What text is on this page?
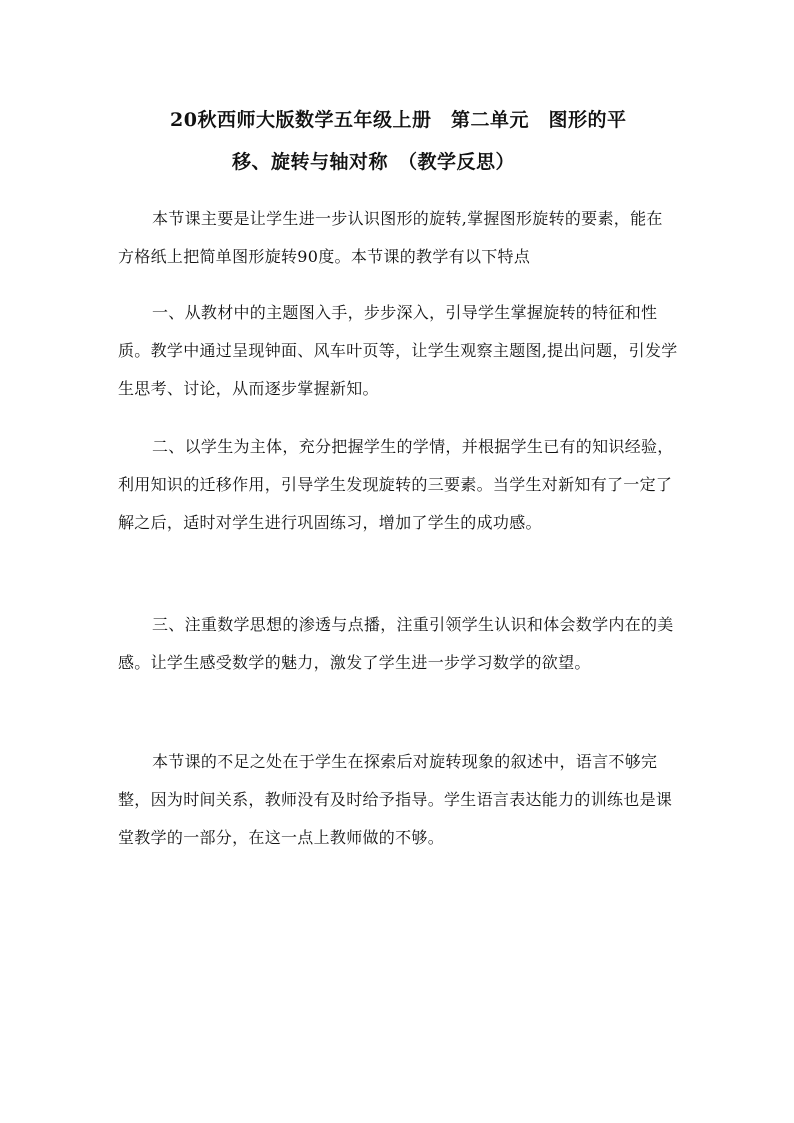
20秋西师大版数学五年级上册　第二单元　图形的平
移、旋转与轴对称　（教学反思）

本节课主要是让学生进一步认识图形的旋转,掌握图形旋转的要素，能在方格纸上把简单图形旋转90度。本节课的教学有以下特点

一、从教材中的主题图入手，步步深入，引导学生掌握旋转的特征和性质。教学中通过呈现钟面、风车叶页等，让学生观察主题图,提出问题，引发学生思考、讨论，从而逐步掌握新知。

二、以学生为主体，充分把握学生的学情，并根据学生已有的知识经验，利用知识的迁移作用，引导学生发现旋转的三要素。当学生对新知有了一定了解之后，适时对学生进行巩固练习，增加了学生的成功感。

三、注重数学思想的渗透与点播，注重引领学生认识和体会数学内在的美感。让学生感受数学的魅力，激发了学生进一步学习数学的欲望。

本节课的不足之处在于学生在探索后对旋转现象的叙述中，语言不够完整，因为时间关系，教师没有及时给予指导。学生语言表达能力的训练也是课堂教学的一部分，在这一点上教师做的不够。
